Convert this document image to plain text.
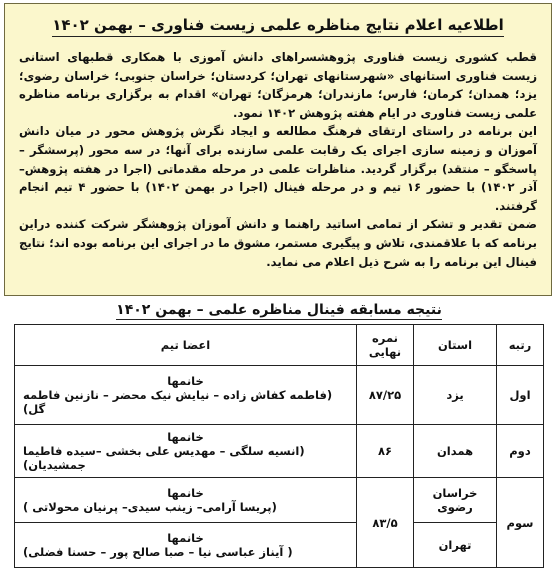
اطلاعیه اعلام نتایج مناظره علمی زیست فناوری – بهمن ۱۴۰۲

قطب کشوری زیست فناوری پژوهشسراهای دانش آموزی با همکاری قطبهای استانی زیست فناوری استانهای «شهرستانهای تهران؛ کردستان؛ خراسان جنوبی؛ خراسان رضوی؛ یزد؛ همدان؛ کرمان؛ فارس؛ مازندران؛ هرمزگان؛ تهران» اقدام به برگزاری برنامه مناظره علمی زیست فناوری در ایام هفته پژوهش ۱۴۰۲ نمود.

این برنامه در راستای ارتقای فرهنگ مطالعه و ایجاد نگرش پژوهش محور در میان دانش آموزان و زمینه سازی اجرای یک رقابت علمی سازنده برای آنها؛ در سه محور (پرسشگر – پاسخگو – منتقد) برگزار گردید. مناظرات علمی در مرحله مقدماتی (اجرا در هفته پژوهش–آذر ۱۴۰۲) با حضور ۱۶ تیم و در مرحله فینال (اجرا در بهمن ۱۴۰۲) با حضور ۴ تیم انجام گرفتند.

ضمن تقدیر و تشکر از تمامی اساتید راهنما و دانش آموزان پژوهشگر شرکت کننده دراین برنامه که با علاقمندی، تلاش و پیگیری مستمر، مشوق ما در اجرای این برنامه بوده اند؛ نتایج فینال این برنامه را به شرح ذیل اعلام می نماید.

نتیجه مسابقه فینال مناظره علمی – بهمن ۱۴۰۲
رتبه	استان	نمره نهایی	اعضا تیم
اول	یزد	۸۷/۲۵	خانمها
(فاطمه کفاش زاده – نیایش نیک محضر – نازنین فاطمه گل)

دوم	همدان	۸۶	خانمها
(انسیه سلگی – مهدیس علی بخشی –سیده فاطیما جمشیدیان)

سوم	خراسان رضوی	۸۳/۵	خانمها
(پریسا آرامی– زینب سیدی– پرنیان محولاتی )

	تهران		خانمها
( آیناز عباسی نیا – صبا صالح پور – حسنا فضلی)
